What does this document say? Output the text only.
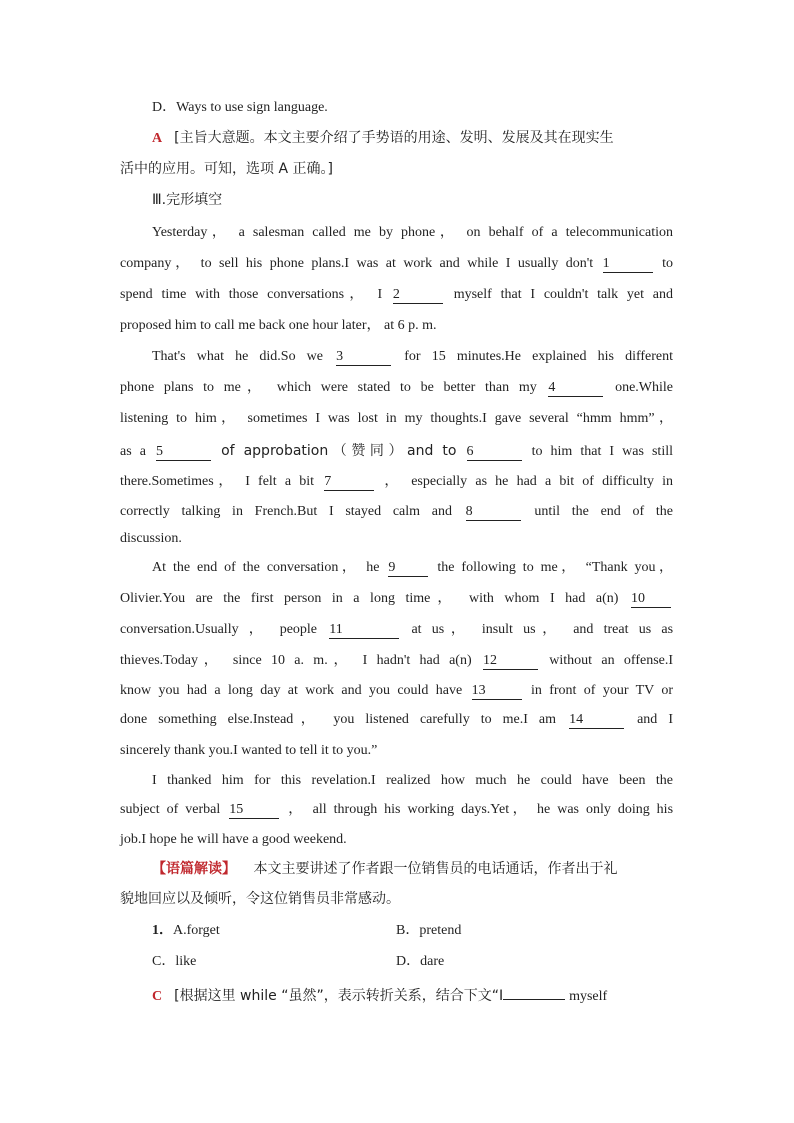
D．Ways to use sign language.
A [主旨大意题。本文主要介绍了手势语的用途、发明、发展及其在现实生
活中的应用。可知，选项 A 正确。]
Ⅲ.完形填空
Yesterday， a salesman called me by phone， on behalf of a telecommunication
company， to sell his phone plans.I was at work and while I usually don't 1	to
spend time with those conversations， I 2	myself that I couldn't talk yet and
proposed him to call me back one hour later， at 6 p. m.
That's what he did.So we 3	for 15 minutes.He explained his different
phone plans to me， which were stated to be better than my 4	one.While
listening to him， sometimes I was lost in my thoughts.I gave several “hmm hmm”，
as a 5	of approbation（赞同）and to 6	to him that I was still
there.Sometimes， I felt a bit 7	， especially as he had a bit of difficulty in
correctly talking in French.But I stayed calm and 8	until the end of the
discussion.
At the end of the conversation， he 9	the following to me， “Thank you，
Olivier.You are the first person in a long time， with whom I had a(n) 10
conversation.Usually ， people 11	at us， insult us， and treat us as
thieves.Today， since 10 a. m.， I hadn't had a(n) 12	without an offense.I
know you had a long day at work and you could have 13	in front of your TV or
done something else.Instead， you listened carefully to me.I am 14	and I
sincerely thank you.I wanted to tell it to you.”
I thanked him for this revelation.I realized how much he could have been the
subject of verbal 15	， all through his working days.Yet， he was only doing his
job.I hope he will have a good weekend.
【语篇解读】 本文主要讲述了作者跟一位销售员的电话通话，作者出于礼
貌地回应以及倾听，令这位销售员非常感动。
1．A.forget	B．pretend
C．like	D．dare
C [根据这里 while “虽然”，表示转折关系，结合下文“I	myself
